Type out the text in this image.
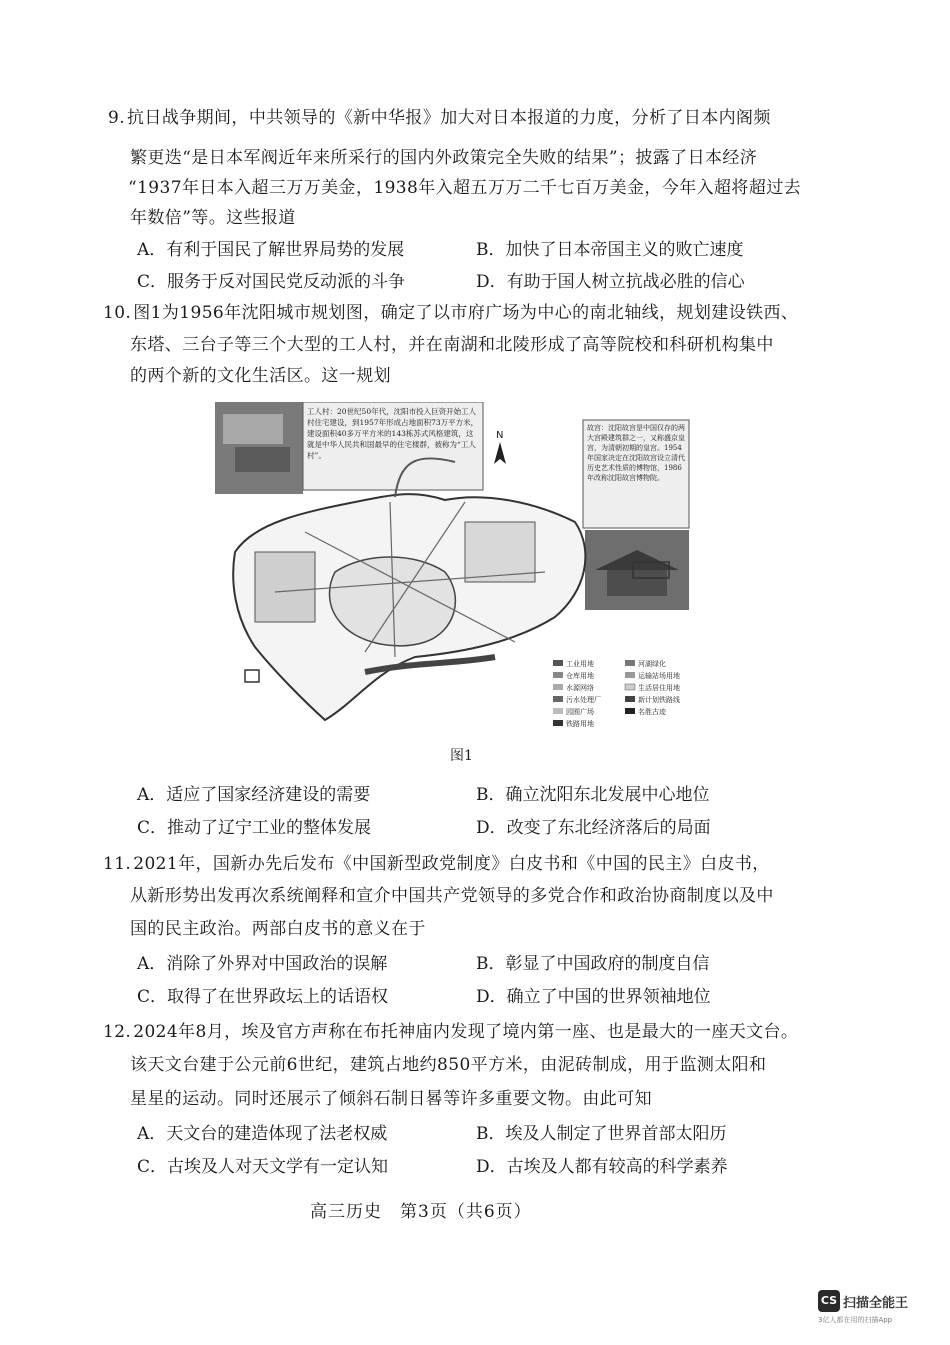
9. 抗日战争期间，中共领导的《新中华报》加大对日本报道的力度，分析了日本内阁频
繁更迭“是日本军阀近年来所采行的国内外政策完全失败的结果”；披露了日本经济
“1937年日本入超三万万美金，1938年入超五万万二千七百万美金，今年入超将超过去
年数倍”等。这些报道
A．有利于国民了解世界局势的发展	B．加快了日本帝国主义的败亡速度
C．服务于反对国民党反动派的斗争	D．有助于国人树立抗战必胜的信心
10. 图1为1956年沈阳城市规划图，确定了以市府广场为中心的南北轴线，规划建设铁西、
东塔、三台子等三个大型的工人村，并在南湖和北陵形成了高等院校和科研机构集中
的两个新的文化生活区。这一规划
N
工业用地
仓库用地
水源网络
污水处理厂
园囿广场
铁路用地
河湖绿化
运输站场用地
生活居住用地
新计划铁路线
名胜古迹
工人村：20世纪50年代，沈阳市投入巨资开始工人村住宅建设，到1957年形成占地面积73万平方米，建设面积40多万平方米的143栋苏式风格建筑，这就是中华人民共和国最早的住宅楼群，被称为“工人村”。
故宫：沈阳故宫是中国仅存的两大宫殿建筑群之一，又称盛京皇宫，为清朝初期的皇宫。1954年国家决定在沈阳故宫设立清代历史艺术性质的博物馆，1986年改称沈阳故宫博物院。
图1
A．适应了国家经济建设的需要	B．确立沈阳东北发展中心地位
C．推动了辽宁工业的整体发展	D．改变了东北经济落后的局面
11. 2021年，国新办先后发布《中国新型政党制度》白皮书和《中国的民主》白皮书，
从新形势出发再次系统阐释和宣介中国共产党领导的多党合作和政治协商制度以及中
国的民主政治。两部白皮书的意义在于
A．消除了外界对中国政治的误解	B．彰显了中国政府的制度自信
C．取得了在世界政坛上的话语权	D．确立了中国的世界领袖地位
12. 2024年8月，埃及官方声称在布托神庙内发现了境内第一座、也是最大的一座天文台。
该天文台建于公元前6世纪，建筑占地约850平方米，由泥砖制成，用于监测太阳和
星星的运动。同时还展示了倾斜石制日晷等许多重要文物。由此可知
A．天文台的建造体现了法老权威	B．埃及人制定了世界首部太阳历
C．古埃及人对天文学有一定认知	D．古埃及人都有较高的科学素养
高三历史　第3页（共6页）
CS 扫描全能王
3亿人都在用的扫描App
